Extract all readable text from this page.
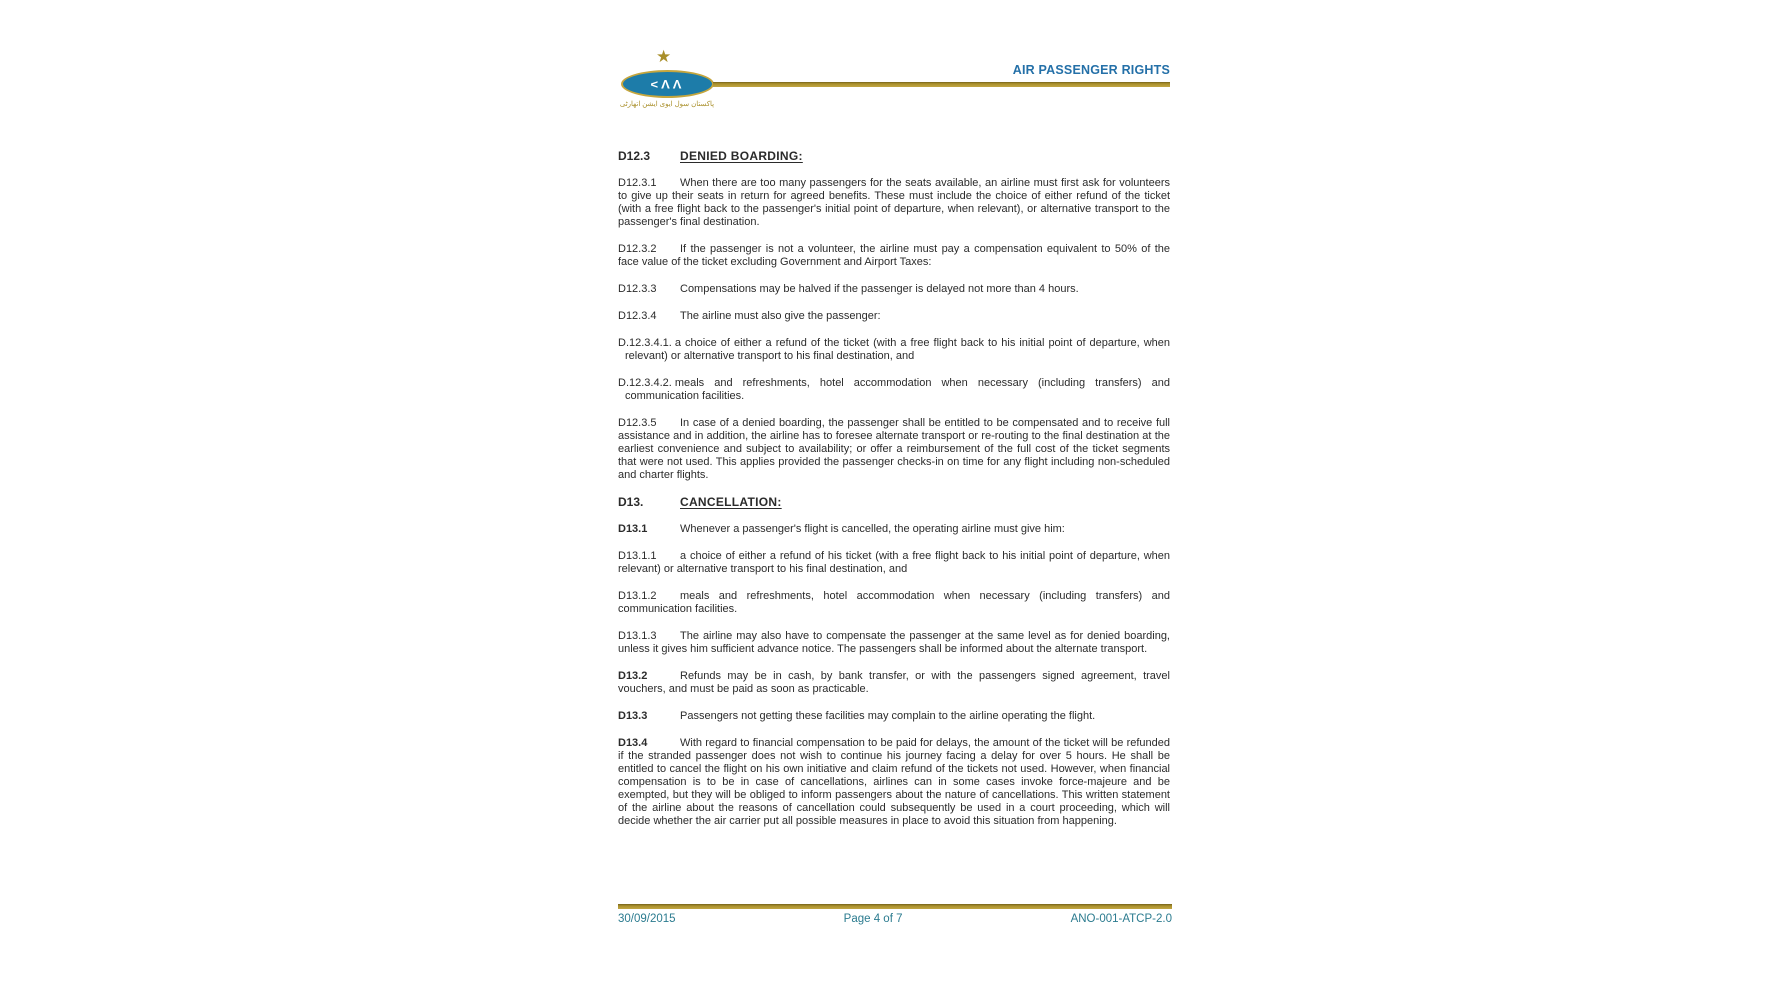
★
<ΛΛ
پاکستان سول ایوی ایشن اتھارٹی
AIR PASSENGER RIGHTS
D12.3 DENIED BOARDING:

D12.3.1 When there are too many passengers for the seats available, an airline must first ask for volunteers to give up their seats in return for agreed benefits. These must include the choice of either refund of the ticket (with a free flight back to the passenger's initial point of departure, when relevant), or alternative transport to the passenger's final destination.

D12.3.2 If the passenger is not a volunteer, the airline must pay a compensation equivalent to 50% of the face value of the ticket excluding Government and Airport Taxes:

D12.3.3 Compensations may be halved if the passenger is delayed not more than 4 hours.

D12.3.4 The airline must also give the passenger:

D.12.3.4.1. a choice of either a refund of the ticket (with a free flight back to his initial point of departure, when relevant) or alternative transport to his final destination, and

D.12.3.4.2. meals and refreshments, hotel accommodation when necessary (including transfers) and communication facilities.

D12.3.5 In case of a denied boarding, the passenger shall be entitled to be compensated and to receive full assistance and in addition, the airline has to foresee alternate transport or re-routing to the final destination at the earliest convenience and subject to availability; or offer a reimbursement of the full cost of the ticket segments that were not used. This applies provided the passenger checks-in on time for any flight including non-scheduled and charter flights.

D13.	CANCELLATION:

D13.1	Whenever a passenger's flight is cancelled, the operating airline must give him:

D13.1.1 a choice of either a refund of his ticket (with a free flight back to his initial point of departure, when relevant) or alternative transport to his final destination, and

D13.1.2 meals and refreshments, hotel accommodation when necessary (including transfers) and communication facilities.

D13.1.3 The airline may also have to compensate the passenger at the same level as for denied boarding, unless it gives him sufficient advance notice. The passengers shall be informed about the alternate transport.

D13.2	Refunds may be in cash, by bank transfer, or with the passengers signed agreement, travel vouchers, and must be paid as soon as practicable.

D13.3	Passengers not getting these facilities may complain to the airline operating the flight.

D13.4	With regard to financial compensation to be paid for delays, the amount of the ticket will be refunded if the stranded passenger does not wish to continue his journey facing a delay for over 5 hours. He shall be entitled to cancel the flight on his own initiative and claim refund of the tickets not used. However, when financial compensation is to be in case of cancellations, airlines can in some cases invoke force-majeure and be exempted, but they will be obliged to inform passengers about the nature of cancellations. This written statement of the airline about the reasons of cancellation could subsequently be used in a court proceeding, which will decide whether the air carrier put all possible measures in place to avoid this situation from happening.

30/09/2015	Page 4 of 7	ANO-001-ATCP-2.0
